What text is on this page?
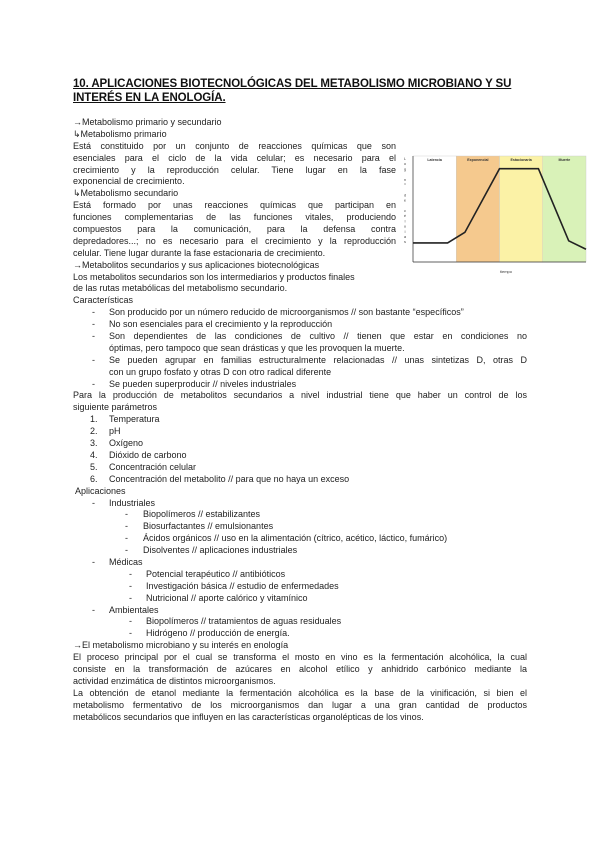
10. APLICACIONES BIOTECNOLÓGICAS DEL METABOLISMO MICROBIANO Y SU
INTERÉS EN LA ENOLOGÍA.
L
o
g
n
º
d
e
c
é
l
u
l
a
s
Latencia	Exponencial	Estacionaria	Muerte
tiempo
→Metabolismo primario y secundario
↳Metabolismo primario
Está constituido por un conjunto de reacciones químicas que son
esenciales para el ciclo de la vida celular; es necesario para el
crecimiento y la reproducción celular. Tiene lugar en la fase
exponencial de crecimiento.
↳Metabolismo secundario
Está formado por unas reacciones químicas que participan en
funciones complementarias de las funciones vitales, produciendo
compuestos para la comunicación, para la defensa contra
depredadores...; no es necesario para el crecimiento y la reproducción
celular. Tiene lugar durante la fase estacionaria de crecimiento.
→Metabolitos secundarios y sus aplicaciones biotecnológicas
Los metabolitos secundarios son los intermediarios y productos finales
de las rutas metabólicas del metabolismo secundario.
Características
- Son producido por un número reducido de microorganismos // son bastante “específicos”
- No son esenciales para el crecimiento y la reproducción
- Son dependientes de las condiciones de cultivo // tienen que estar en condiciones no
óptimas, pero tampoco que sean drásticas y que les provoquen la muerte.
- Se pueden agrupar en familias estructuralmente relacionadas // unas sintetizas D, otras D
con un grupo fosfato y otras D con otro radical diferente
- Se pueden superproducir // niveles industriales
Para la producción de metabolitos secundarios a nivel industrial tiene que haber un control de los
siguiente parámetros
1. Temperatura
2. pH
3. Oxígeno
4. Dióxido de carbono
5. Concentración celular
6. Concentración del metabolito // para que no haya un exceso
Aplicaciones
- Industriales
- Biopolímeros // estabilizantes
- Biosurfactantes // emulsionantes
- Ácidos orgánicos // uso en la alimentación (cítrico, acético, láctico, fumárico)
- Disolventes // aplicaciones industriales
- Médicas
- Potencial terapéutico // antibióticos
- Investigación básica // estudio de enfermedades
- Nutricional // aporte calórico y vitamínico
- Ambientales
- Biopolímeros // tratamientos de aguas residuales
- Hidrógeno // producción de energía.
→El metabolismo microbiano y su interés en enología
El proceso principal por el cual se transforma el mosto en vino es la fermentación alcohólica, la cual
consiste en la transformación de azúcares en alcohol etílico y anhidrido carbónico mediante la
actividad enzimática de distintos microorganismos.
La obtención de etanol mediante la fermentación alcohólica es la base de la vinificación, si bien el
metabolismo fermentativo de los microorganismos dan lugar a una gran cantidad de productos
metabólicos secundarios que influyen en las características organolépticas de los vinos.
